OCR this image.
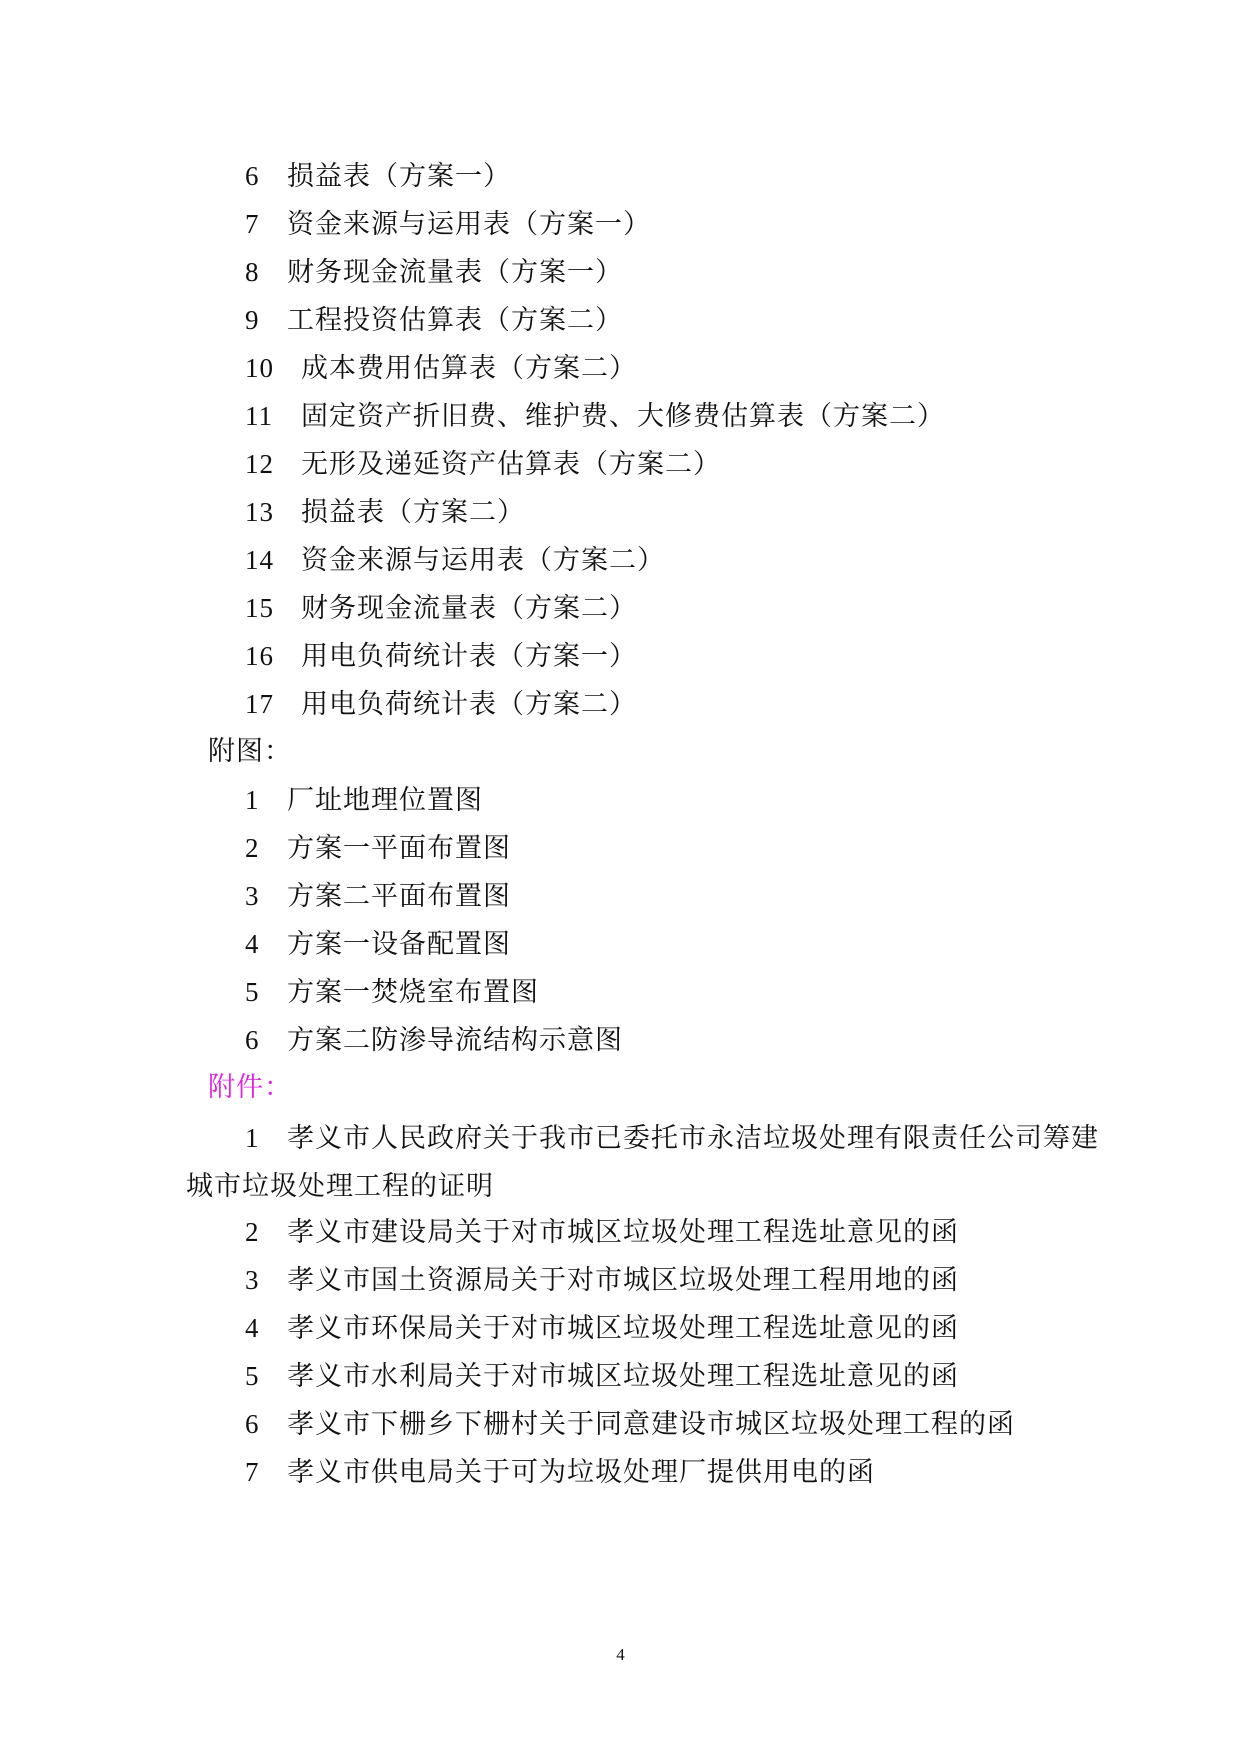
6 损益表（方案一）
7 资金来源与运用表（方案一）
8 财务现金流量表（方案一）
9 工程投资估算表（方案二）
10 成本费用估算表（方案二）
11 固定资产折旧费、维护费、大修费估算表（方案二）
12 无形及递延资产估算表（方案二）
13 损益表（方案二）
14 资金来源与运用表（方案二）
15 财务现金流量表（方案二）
16 用电负荷统计表（方案一）
17 用电负荷统计表（方案二）
附图：
1 厂址地理位置图
2 方案一平面布置图
3 方案二平面布置图
4 方案一设备配置图
5 方案一焚烧室布置图
6 方案二防渗导流结构示意图
附件：
1 孝义市人民政府关于我市已委托市永洁垃圾处理有限责任公司筹建城市垃圾处理工程的证明
2 孝义市建设局关于对市城区垃圾处理工程选址意见的函
3 孝义市国土资源局关于对市城区垃圾处理工程用地的函
4 孝义市环保局关于对市城区垃圾处理工程选址意见的函
5 孝义市水利局关于对市城区垃圾处理工程选址意见的函
6 孝义市下栅乡下栅村关于同意建设市城区垃圾处理工程的函
7 孝义市供电局关于可为垃圾处理厂提供用电的函
4
